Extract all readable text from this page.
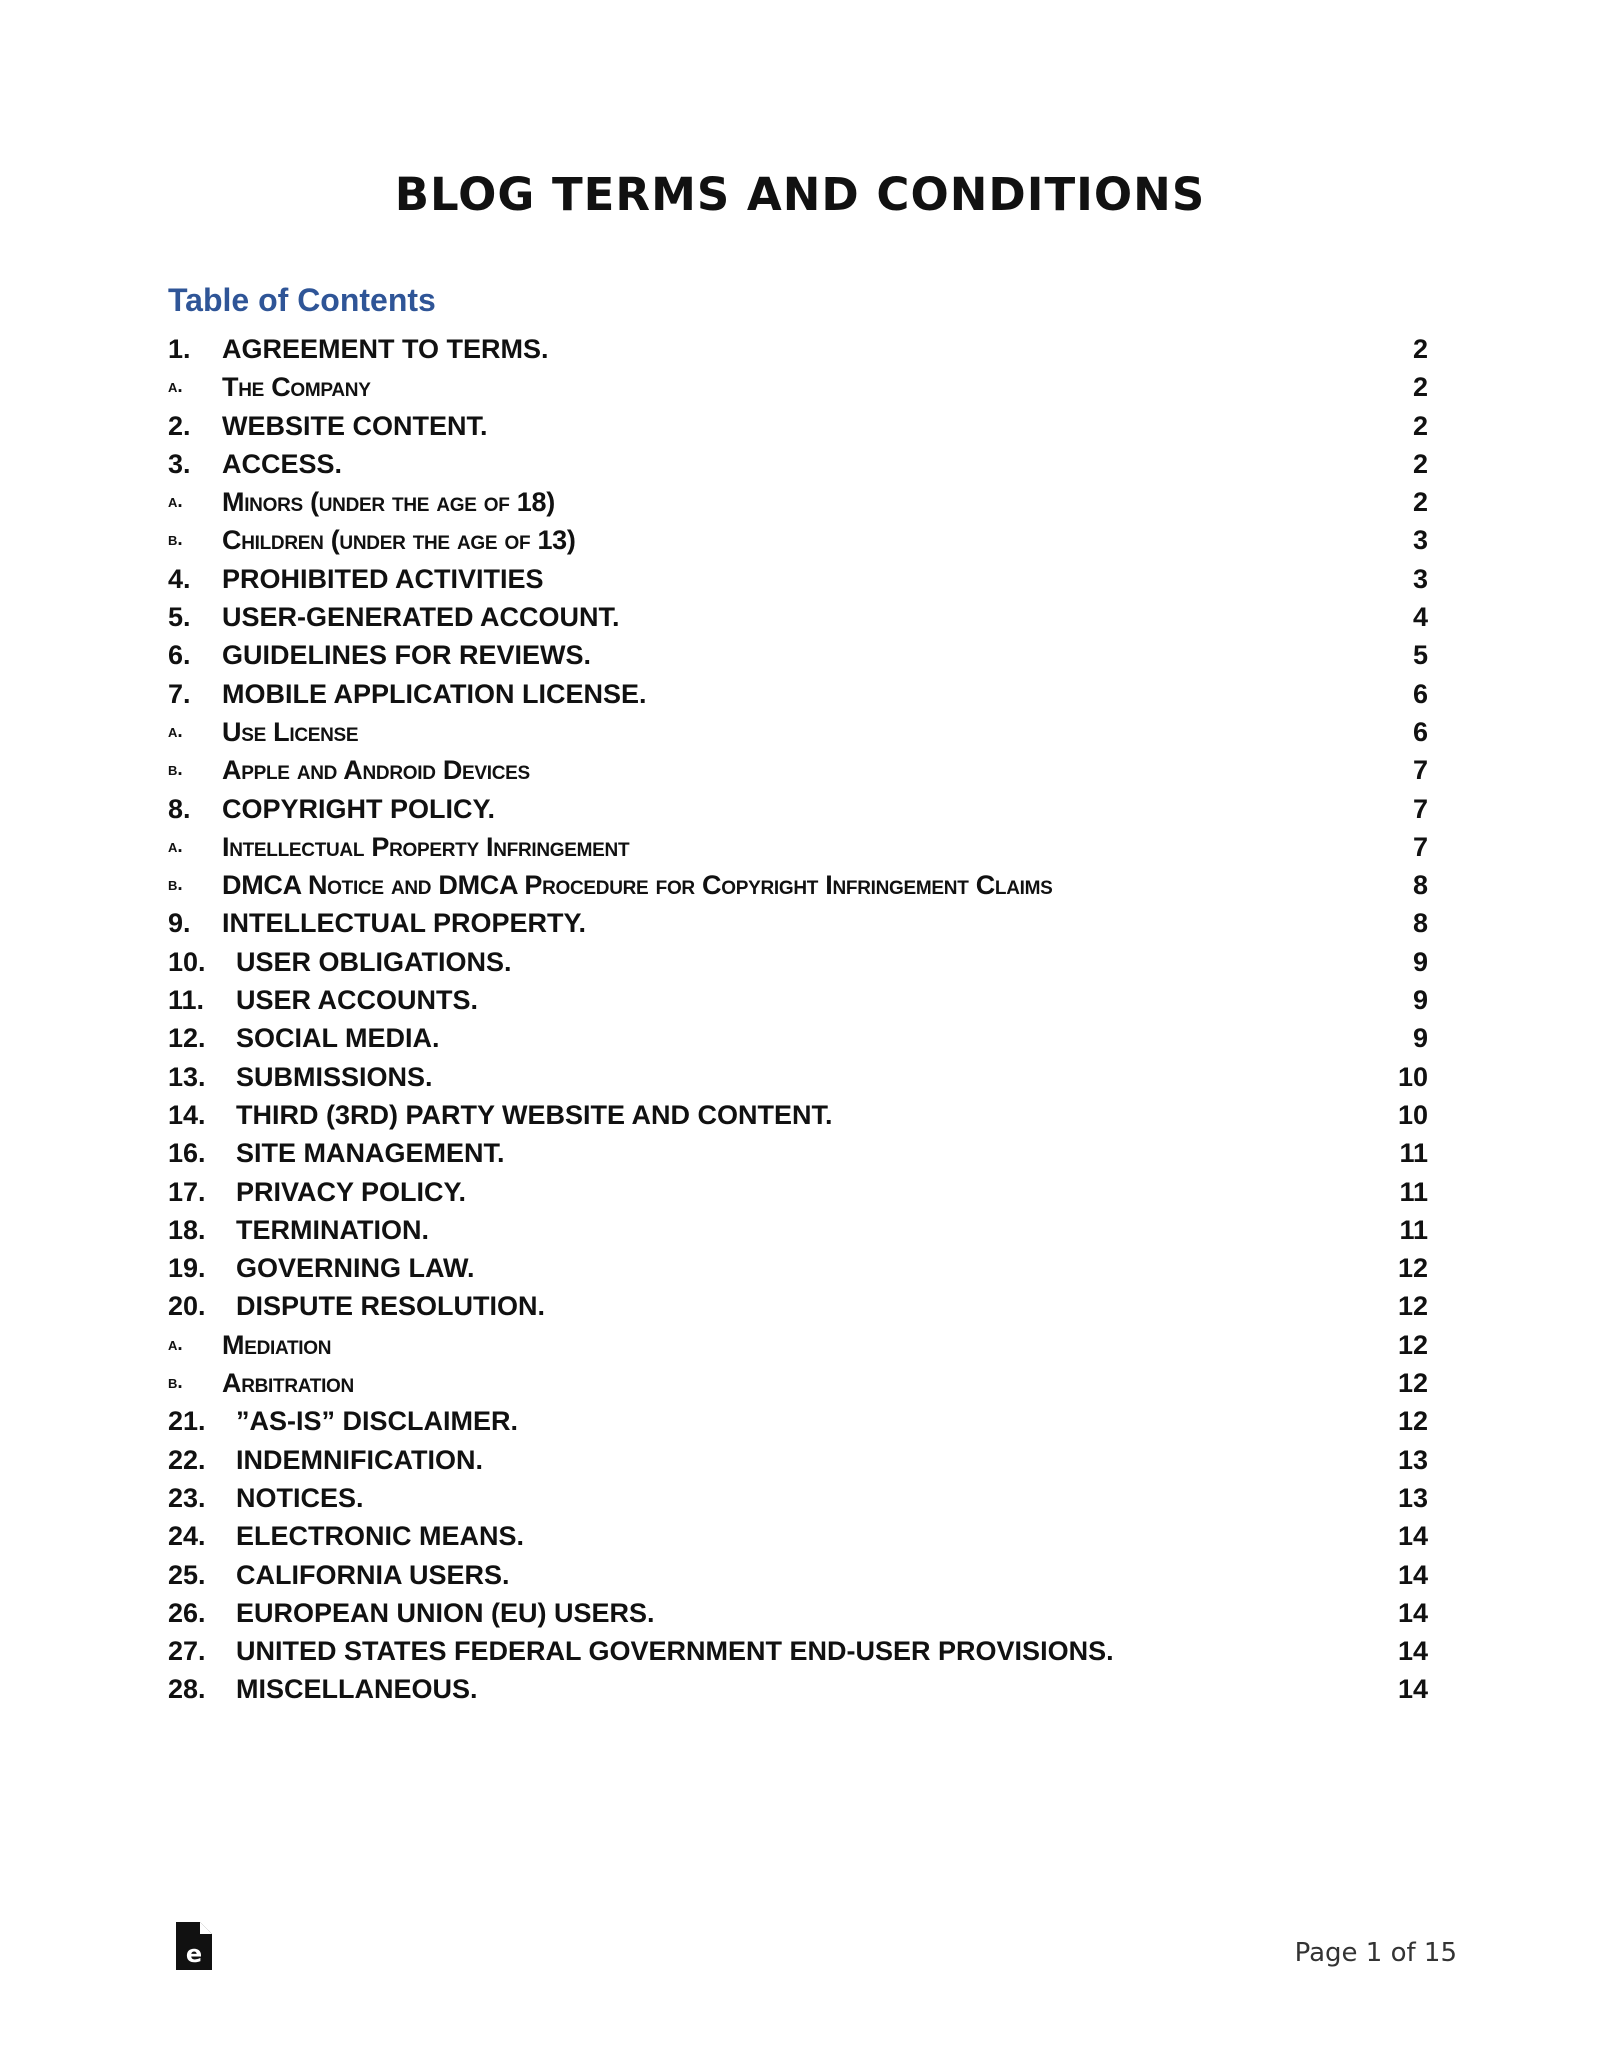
BLOG TERMS AND CONDITIONS
Table of Contents
1. AGREEMENT TO TERMS.	2
a. The Company	2
2. WEBSITE CONTENT.	2
3. ACCESS.	2
a. Minors (under the age of 18)	2
b. Children (under the age of 13)	3
4. PROHIBITED ACTIVITIES	3
5. USER-GENERATED ACCOUNT.	4
6. GUIDELINES FOR REVIEWS.	5
7. MOBILE APPLICATION LICENSE.	6
a. Use License	6
b. Apple and Android Devices	7
8. COPYRIGHT POLICY.	7
a. Intellectual Property Infringement	7
b. DMCA Notice and DMCA Procedure for Copyright Infringement Claims	8
9. INTELLECTUAL PROPERTY.	8
10. USER OBLIGATIONS.	9
11. USER ACCOUNTS.	9
12. SOCIAL MEDIA.	9
13. SUBMISSIONS.	10
14. THIRD (3RD) PARTY WEBSITE AND CONTENT.	10
16. SITE MANAGEMENT.	11
17. PRIVACY POLICY.	11
18. TERMINATION.	11
19. GOVERNING LAW.	12
20. DISPUTE RESOLUTION.	12
a. Mediation	12
b. Arbitration	12
21. ”AS-IS” DISCLAIMER.	12
22. INDEMNIFICATION.	13
23. NOTICES.	13
24. ELECTRONIC MEANS.	14
25. CALIFORNIA USERS.	14
26. EUROPEAN UNION (EU) USERS.	14
27. UNITED STATES FEDERAL GOVERNMENT END-USER PROVISIONS.	14
28. MISCELLANEOUS.	14
e	Page 1 of 15
